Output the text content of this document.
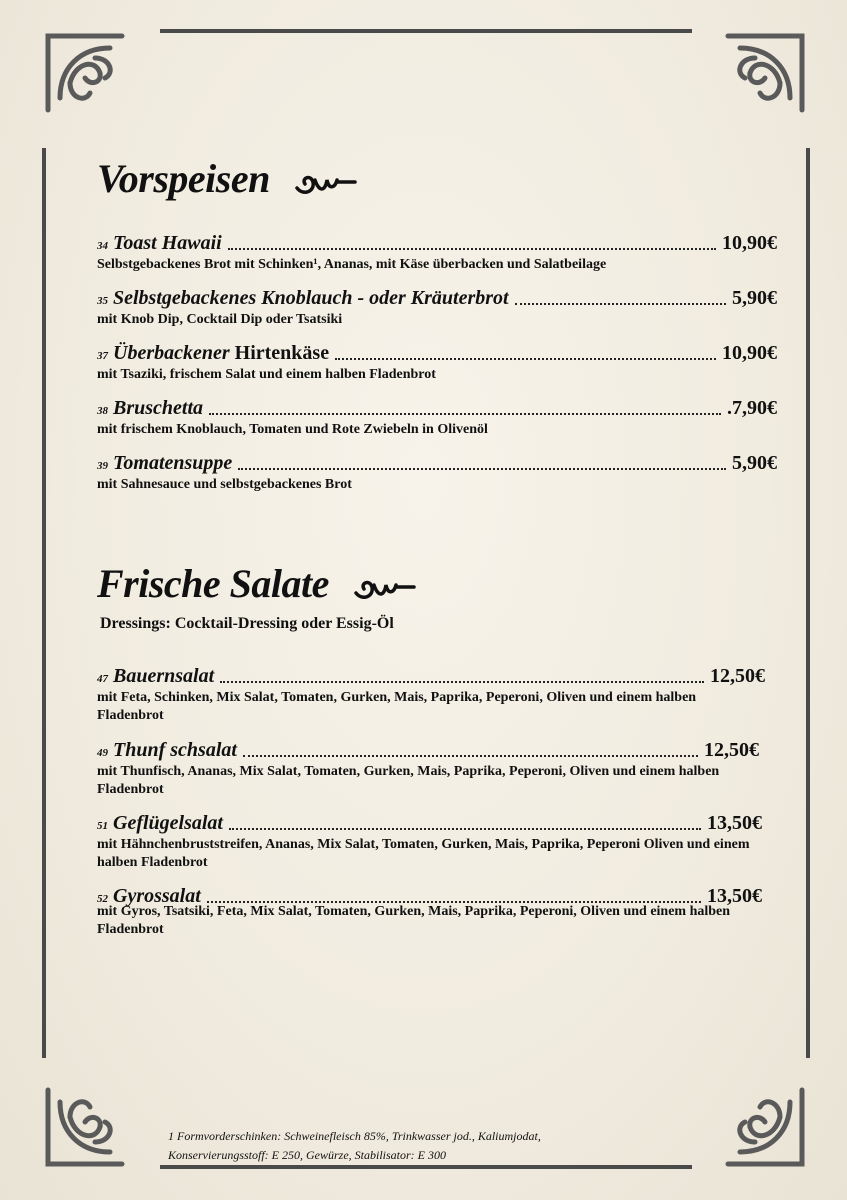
Vorspeisen
34 Toast Hawaii	10,90€
Selbstgebackenes Brot mit Schinken¹, Ananas, mit Käse überbacken und Salatbeilage
35 Selbstgebackenes Knoblauch - oder Kräuterbrot	5,90€
mit Knob Dip, Cocktail Dip oder Tsatsiki
37 Überbackener Hirtenkäse	10,90€
mit Tsaziki, frischem Salat und einem halben Fladenbrot
38 Bruschetta	.7,90€
mit frischem Knoblauch, Tomaten und Rote Zwiebeln in Olivenöl
39 Tomatensuppe	5,90€
mit Sahnesauce und selbstgebackenes Brot
Frische Salate
Dressings: Cocktail-Dressing oder Essig-Öl
47 Bauernsalat	12,50€
mit Feta, Schinken, Mix Salat, Tomaten, Gurken, Mais, Paprika, Peperoni, Oliven und einem halben Fladenbrot
49 Thunf schsalat	12,50€
mit Thunfisch, Ananas, Mix Salat, Tomaten, Gurken, Mais, Paprika, Peperoni, Oliven und einem halben Fladenbrot
51 Geflügelsalat	13,50€
mit Hähnchenbruststreifen, Ananas, Mix Salat, Tomaten, Gurken, Mais, Paprika, Peperoni Oliven und einem halben Fladenbrot
52 Gyrossalat	13,50€
mit Gyros, Tsatsiki, Feta, Mix Salat, Tomaten, Gurken, Mais, Paprika, Peperoni, Oliven und einem halben Fladenbrot
1 Formvorderschinken: Schweinefleisch 85%, Trinkwasser jod., Kaliumjodat,
Konservierungsstoff: E 250, Gewürze, Stabilisator: E 300
